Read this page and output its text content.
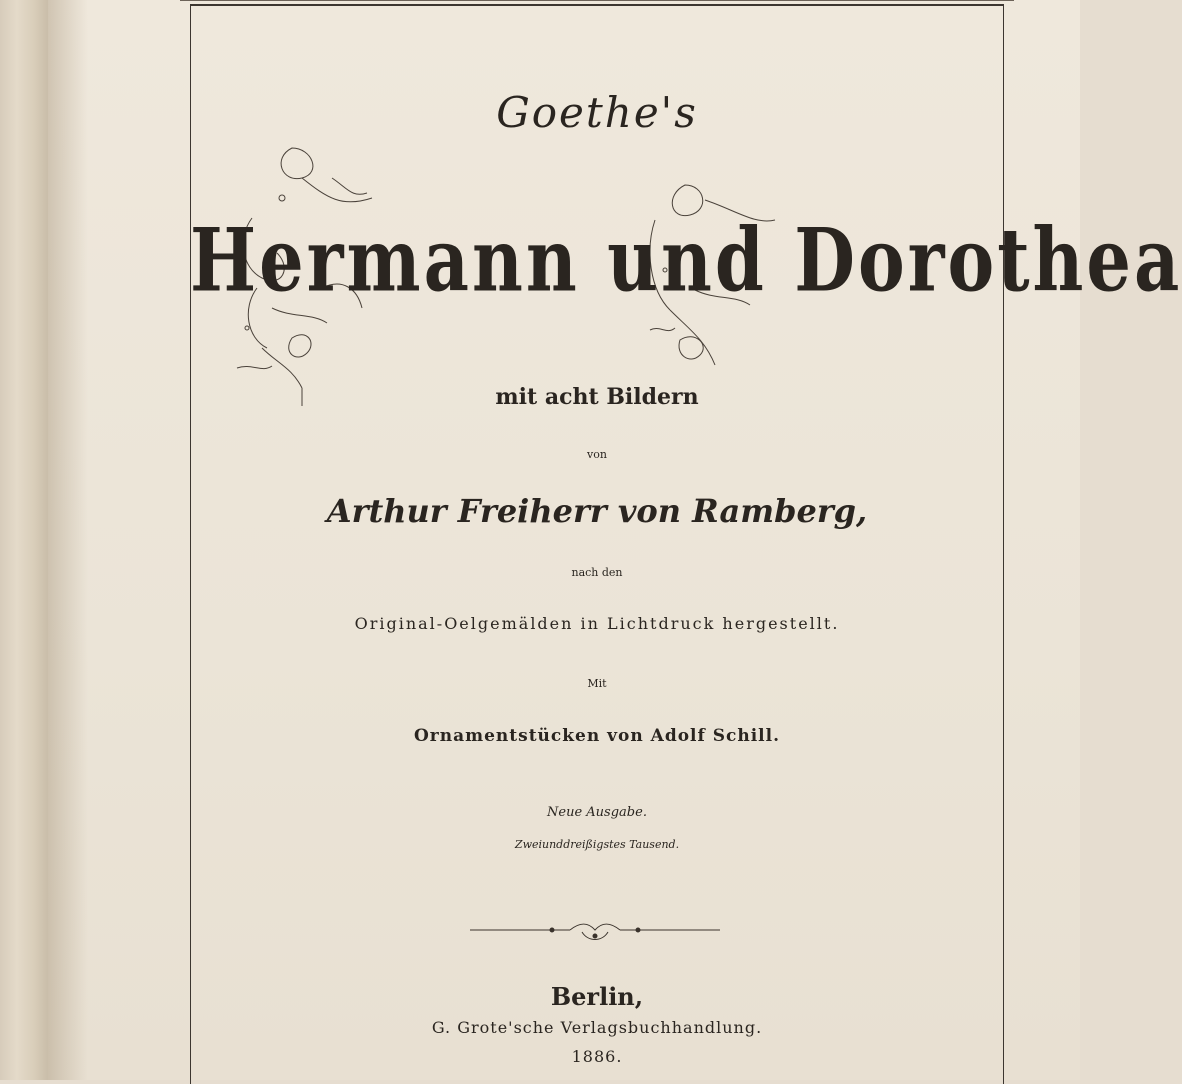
Goethe's
Hermann und Dorothea
mit acht Bildern
von
Arthur Freiherr von Ramberg,
nach den
Original-Oelgemälden in Lichtdruck hergestellt.
Mit
Ornamentstücken von Adolf Schill.
Neue Ausgabe.
Zweiunddreißigstes Tausend.
Berlin,
G. Grote'sche Verlagsbuchhandlung.
1886.
